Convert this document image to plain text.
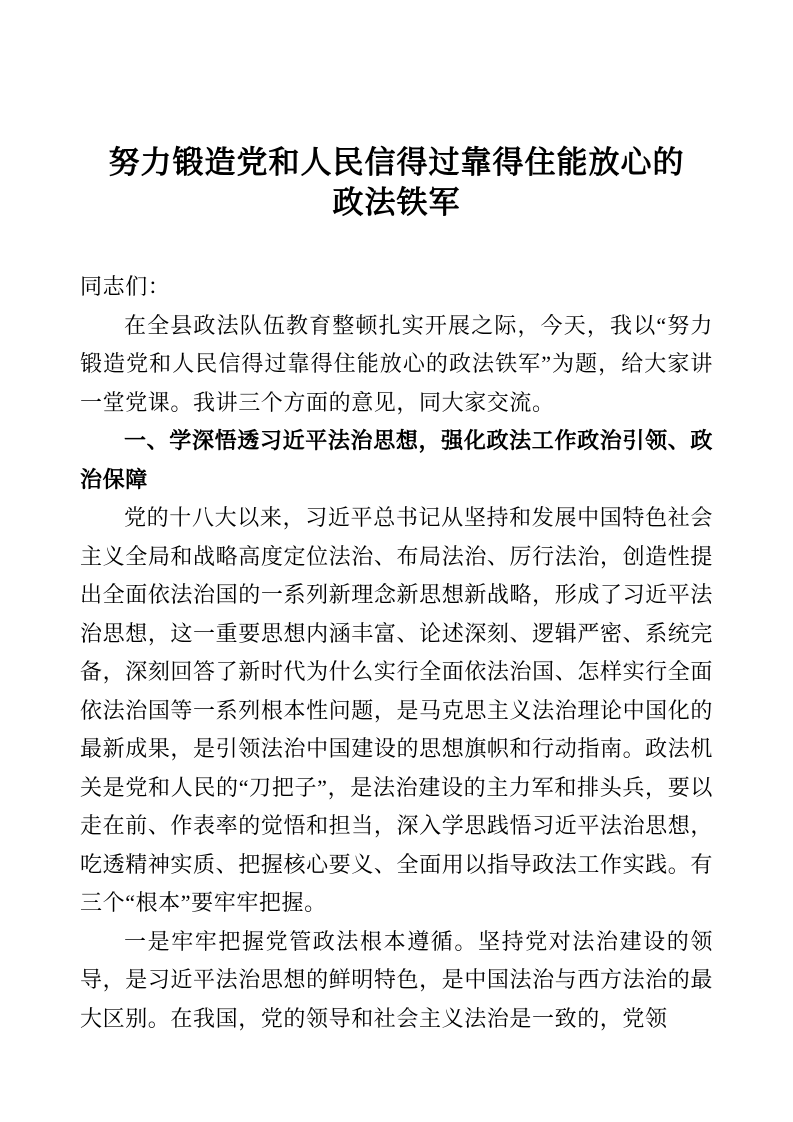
努力锻造党和人民信得过靠得住能放心的
政法铁军

同志们：

在全县政法队伍教育整顿扎实开展之际，今天，我以“努力锻造党和人民信得过靠得住能放心的政法铁军”为题，给大家讲一堂党课。我讲三个方面的意见，同大家交流。

一、学深悟透习近平法治思想，强化政法工作政治引领、政治保障

党的十八大以来，习近平总书记从坚持和发展中国特色社会主义全局和战略高度定位法治、布局法治、厉行法治，创造性提出全面依法治国的一系列新理念新思想新战略，形成了习近平法治思想，这一重要思想内涵丰富、论述深刻、逻辑严密、系统完备，深刻回答了新时代为什么实行全面依法治国、怎样实行全面依法治国等一系列根本性问题，是马克思主义法治理论中国化的最新成果，是引领法治中国建设的思想旗帜和行动指南。政法机关是党和人民的“刀把子”，是法治建设的主力军和排头兵，要以走在前、作表率的觉悟和担当，深入学思践悟习近平法治思想，吃透精神实质、把握核心要义、全面用以指导政法工作实践。有三个“根本”要牢牢把握。

一是牢牢把握党管政法根本遵循。坚持党对法治建设的领导，是习近平法治思想的鲜明特色，是中国法治与西方法治的最大区别。在我国，党的领导和社会主义法治是一致的，党领
